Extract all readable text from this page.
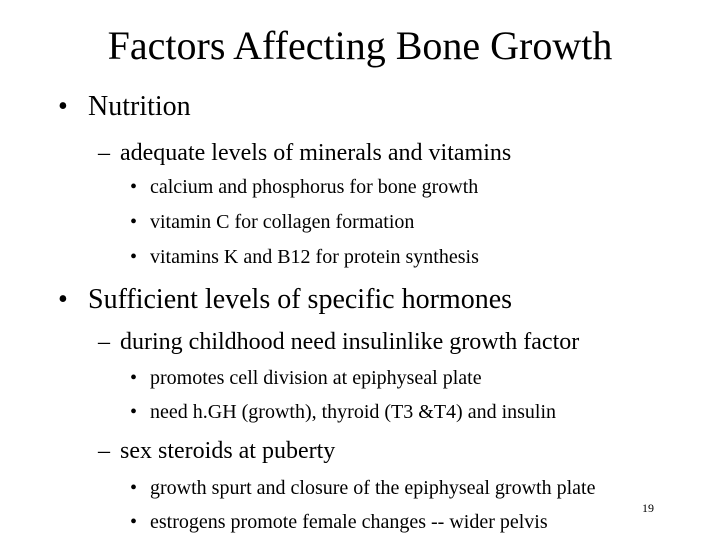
Factors Affecting Bone Growth
• Nutrition
– adequate levels of minerals and vitamins
• calcium and phosphorus for bone growth
• vitamin C for collagen formation
• vitamins K and B12 for protein synthesis
• Sufficient levels of specific hormones
– during childhood need insulinlike growth factor
• promotes cell division at epiphyseal plate
• need h.GH (growth), thyroid (T3 &T4) and insulin
– sex steroids at puberty
• growth spurt and closure of the epiphyseal growth plate
• estrogens promote female changes -- wider pelvis
19
